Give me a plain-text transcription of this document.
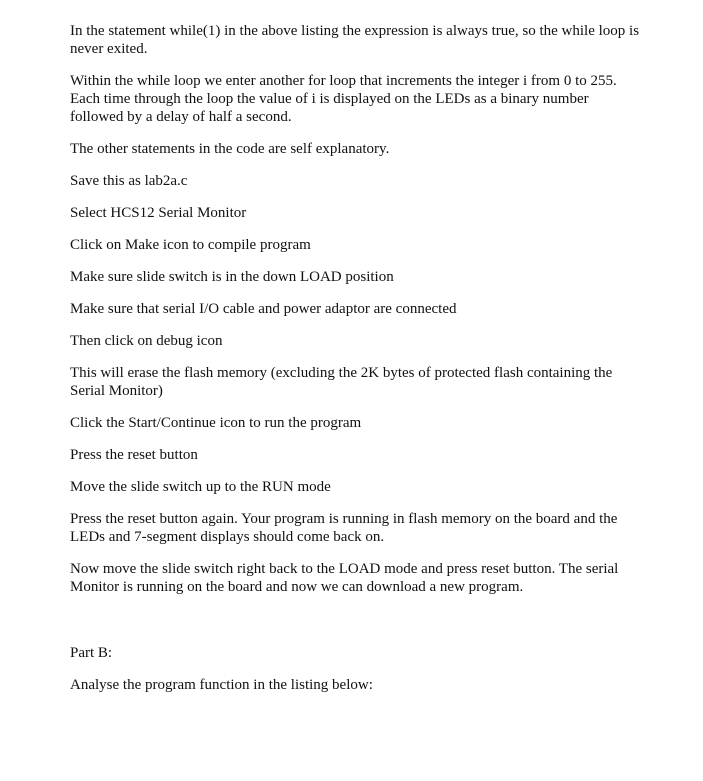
In the statement while(1) in the above listing the expression is always true, so the while loop is never exited.

Within the while loop we enter another for loop that increments the integer i from 0 to 255. Each time through the loop the value of i is displayed on the LEDs as a binary number followed by a delay of half a second.

The other statements in the code are self explanatory.

Save this as lab2a.c

Select HCS12 Serial Monitor

Click on Make icon to compile program

Make sure slide switch is in the down LOAD position

Make sure that serial I/O cable and power adaptor are connected

Then click on debug icon

This will erase the flash memory (excluding the 2K bytes of protected flash containing the Serial Monitor)

Click the Start/Continue icon to run the program

Press the reset button

Move the slide switch up to the RUN mode

Press the reset button again. Your program is running in flash memory on the board and the LEDs and 7-segment displays should come back on.

Now move the slide switch right back to the LOAD mode and press reset button. The serial Monitor is running on the board and now we can download a new program.

Part B:

Analyse the program function in the listing below:
